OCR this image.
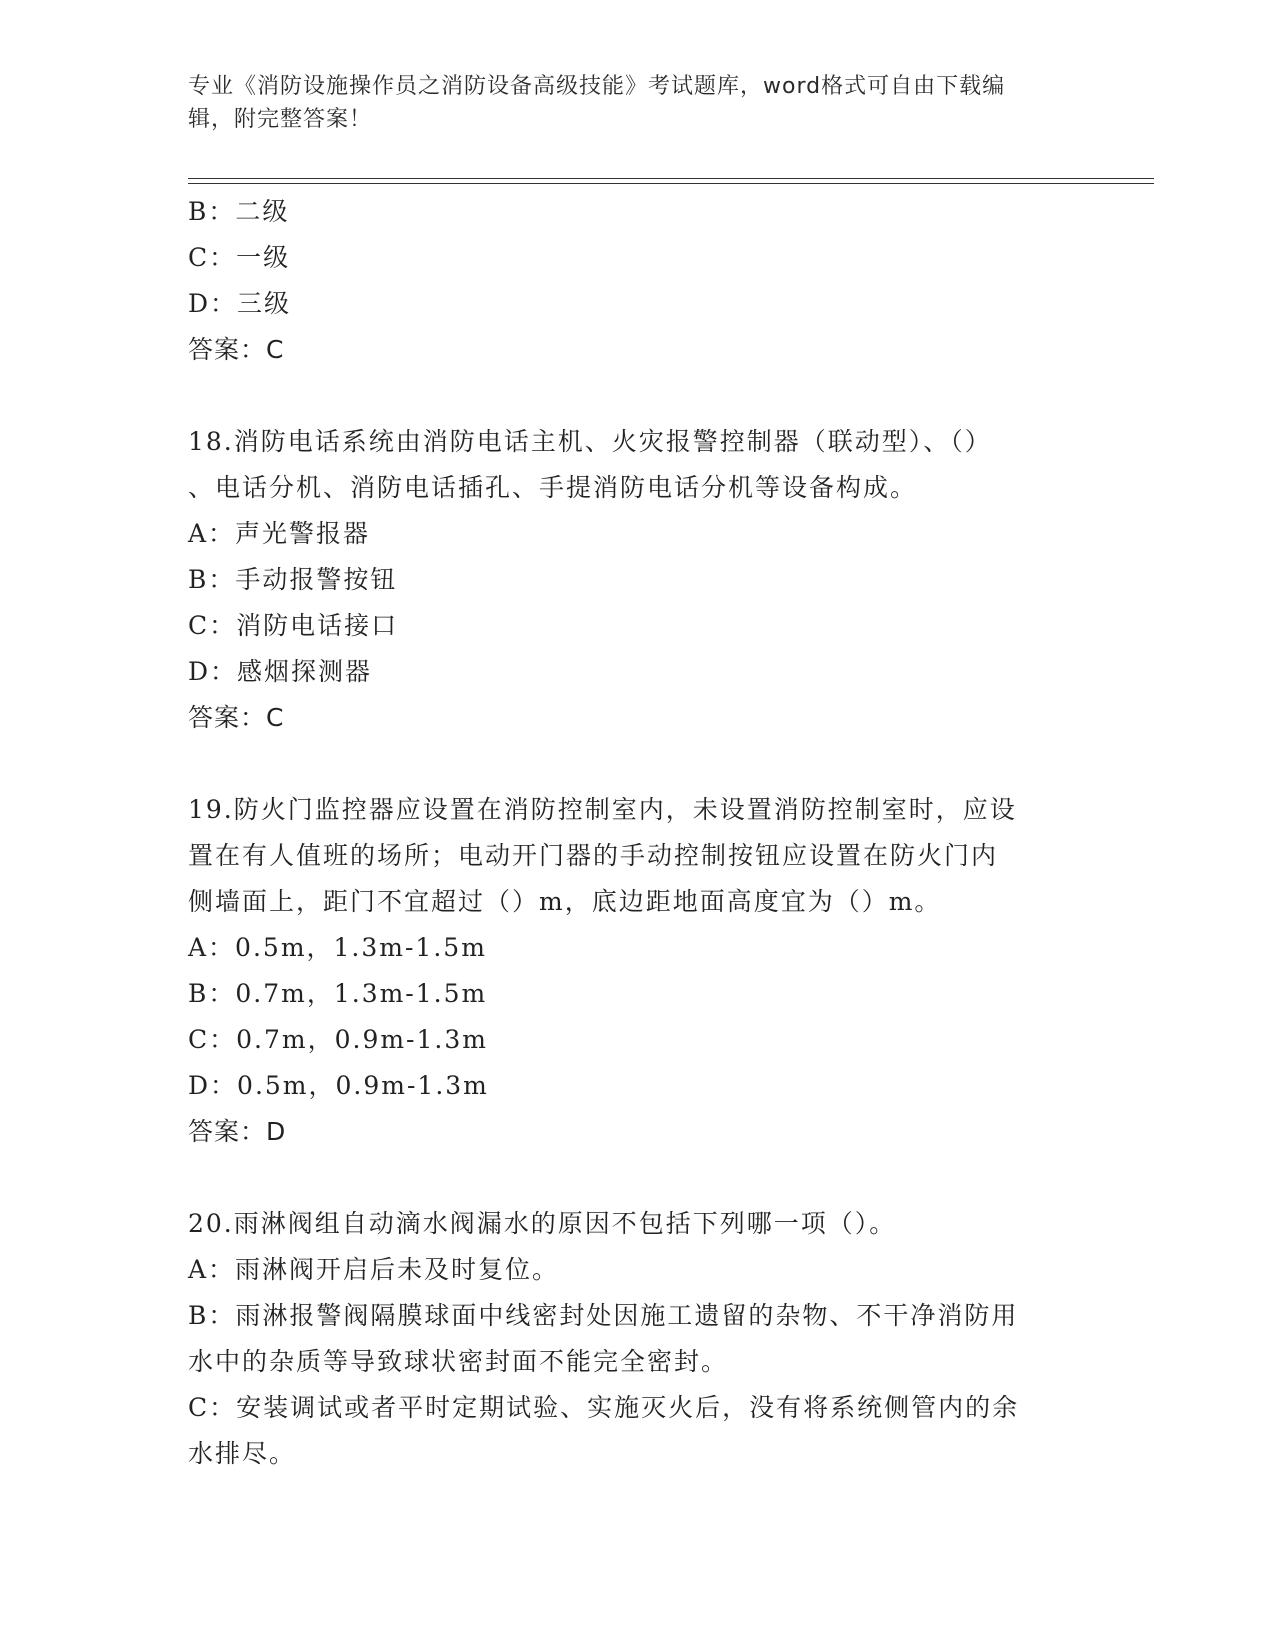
专业《消防设施操作员之消防设备高级技能》考试题库，word格式可自由下载编
辑，附完整答案！
B：二级
C：一级
D：三级
答案：C
18.消防电话系统由消防电话主机、火灾报警控制器（联动型）、（）
、电话分机、消防电话插孔、手提消防电话分机等设备构成。
A：声光警报器
B：手动报警按钮
C：消防电话接口
D：感烟探测器
答案：C
19.防火门监控器应设置在消防控制室内，未设置消防控制室时，应设
置在有人值班的场所；电动开门器的手动控制按钮应设置在防火门内
侧墙面上，距门不宜超过（）m，底边距地面高度宜为（）m。
A：0.5m，1.3m-1.5m
B：0.7m，1.3m-1.5m
C：0.7m，0.9m-1.3m
D：0.5m，0.9m-1.3m
答案：D
20.雨淋阀组自动滴水阀漏水的原因不包括下列哪一项（）。
A：雨淋阀开启后未及时复位。
B：雨淋报警阀隔膜球面中线密封处因施工遗留的杂物、不干净消防用
水中的杂质等导致球状密封面不能完全密封。
C：安装调试或者平时定期试验、实施灭火后，没有将系统侧管内的余
水排尽。
